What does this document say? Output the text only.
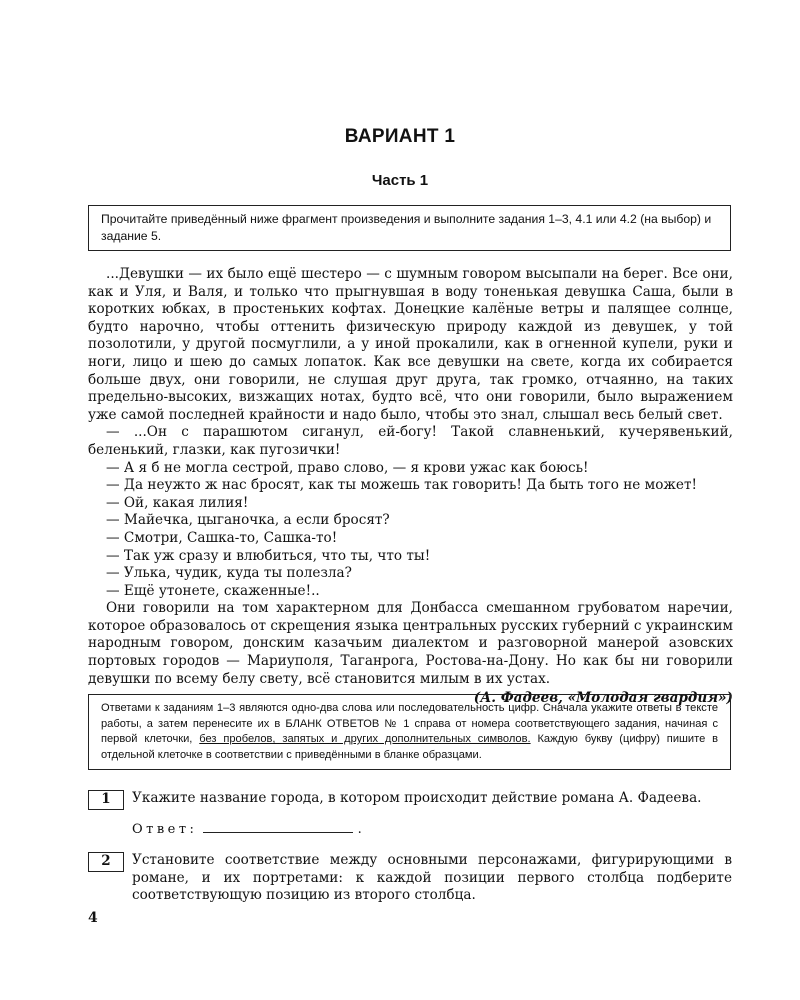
ВАРИАНТ 1
Часть 1
Прочитайте приведённый ниже фрагмент произведения и выполните задания 1–3, 4.1 или 4.2 (на выбор) и задание 5.

...Девушки — их было ещё шестеро — с шумным говором высыпали на берег. Все они, как и Уля, и Валя, и только что прыгнувшая в воду тоненькая девушка Саша, были в коротких юбках, в простеньких кофтах. Донецкие калёные ветры и палящее солнце, будто нарочно, чтобы оттенить физическую природу каждой из девушек, у той позолотили, у другой посмуглили, а у иной прокалили, как в огненной купели, руки и ноги, лицо и шею до самых лопаток. Как все девушки на свете, когда их собирается больше двух, они говорили, не слушая друг друга, так громко, отчаянно, на таких предельно-высоких, визжащих нотах, будто всё, что они говорили, было выражением уже самой последней крайности и надо было, чтобы это знал, слышал весь белый свет.

— ...Он с парашютом сиганул, ей-богу! Такой славненький, кучерявенький, беленький, глазки, как пугозички!

— А я б не могла сестрой, право слово, — я крови ужас как боюсь!

— Да неужто ж нас бросят, как ты можешь так говорить! Да быть того не может!

— Ой, какая лилия!

— Майечка, цыганочка, а если бросят?

— Смотри, Сашка-то, Сашка-то!

— Так уж сразу и влюбиться, что ты, что ты!

— Улька, чудик, куда ты полезла?

— Ещё утонете, скаженные!..

Они говорили на том характерном для Донбасса смешанном грубоватом наречии, которое образовалось от скрещения языка центральных русских губерний с украинским народным говором, донским казачьим диалектом и разговорной манерой азовских портовых городов — Мариуполя, Таганрога, Ростова-на-Дону. Но как бы ни говорили девушки по всему белу свету, всё становится милым в их устах.

(А. Фадеев, «Молодая гвардия»)
Ответами к заданиям 1–3 являются одно-два слова или последовательность цифр. Сначала укажите ответы в тексте работы, а затем перенесите их в БЛАНК ОТВЕТОВ № 1 справа от номера соответствующего задания, начиная с первой клеточки, без пробелов, запятых и других дополнительных символов. Каждую букву (цифру) пишите в отдельной клеточке в соответствии с приведёнными в бланке образцами.
1	Укажите название города, в котором происходит действие романа А. Фадеева.
Ответ:	.
2	Установите соответствие между основными персонажами, фигурирующими в романе, и их портретами: к каждой позиции первого столбца подберите соответствующую позицию из второго столбца.
4
